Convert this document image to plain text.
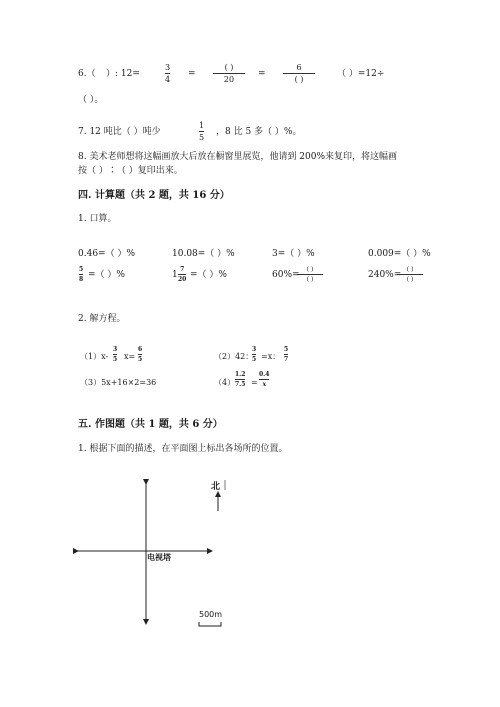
6.（ ）: 12=
3
4
=
( )
20
=
6
( )
（ ）=12÷
（ ）。
7. 12 吨比（ ）吨少
1
5
，8 比 5 多（ ）%。
8. 美术老师想将这幅画放大后放在橱窗里展览，他请到 200%来复印，将这幅画
按（ ）∶（ ）复印出来。
四. 计算题（共 2 题，共 16 分）
1. 口算。
0.46=（ ）%	10.08=（ ）%	3=（ ）%	0.009=（ ）%
5
8 =（ ）%	1
7
20 =（ ）%	60%=
( )
( )	240%=
( )
( )
2. 解方程。
（1）x-
3
5 x=
6
5	（2）42：
3
5 =x：
5
7
（3）5x+16×2=36	（4）
1.2
7.5 =
0.4
x
五. 作图题（共 1 题，共 6 分）
1. 根据下面的描述，在平面图上标出各场所的位置。
北
电视塔
500m
